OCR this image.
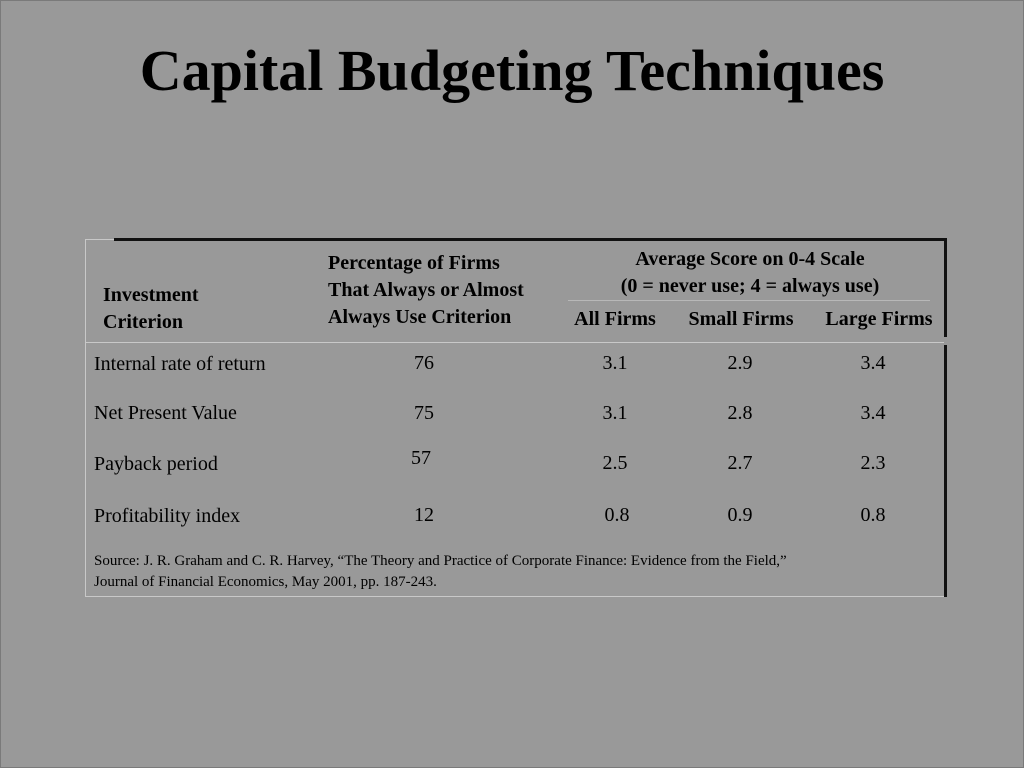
Capital Budgeting Techniques
Investment
Criterion
Percentage of Firms
That Always or Almost
Always Use Criterion
Average Score on 0-4 Scale
(0 = never use; 4 = always use)
All Firms	Small Firms	Large Firms
Internal rate of return	76	3.1	2.9	3.4
Net Present Value	75	3.1	2.8	3.4
Payback period	57	2.5	2.7	2.3
Profitability index	12	0.8	0.9	0.8
Source: J. R. Graham and C. R. Harvey, “The Theory and Practice of Corporate Finance: Evidence from the Field,”
Journal of Financial Economics, May 2001, pp. 187-243.
